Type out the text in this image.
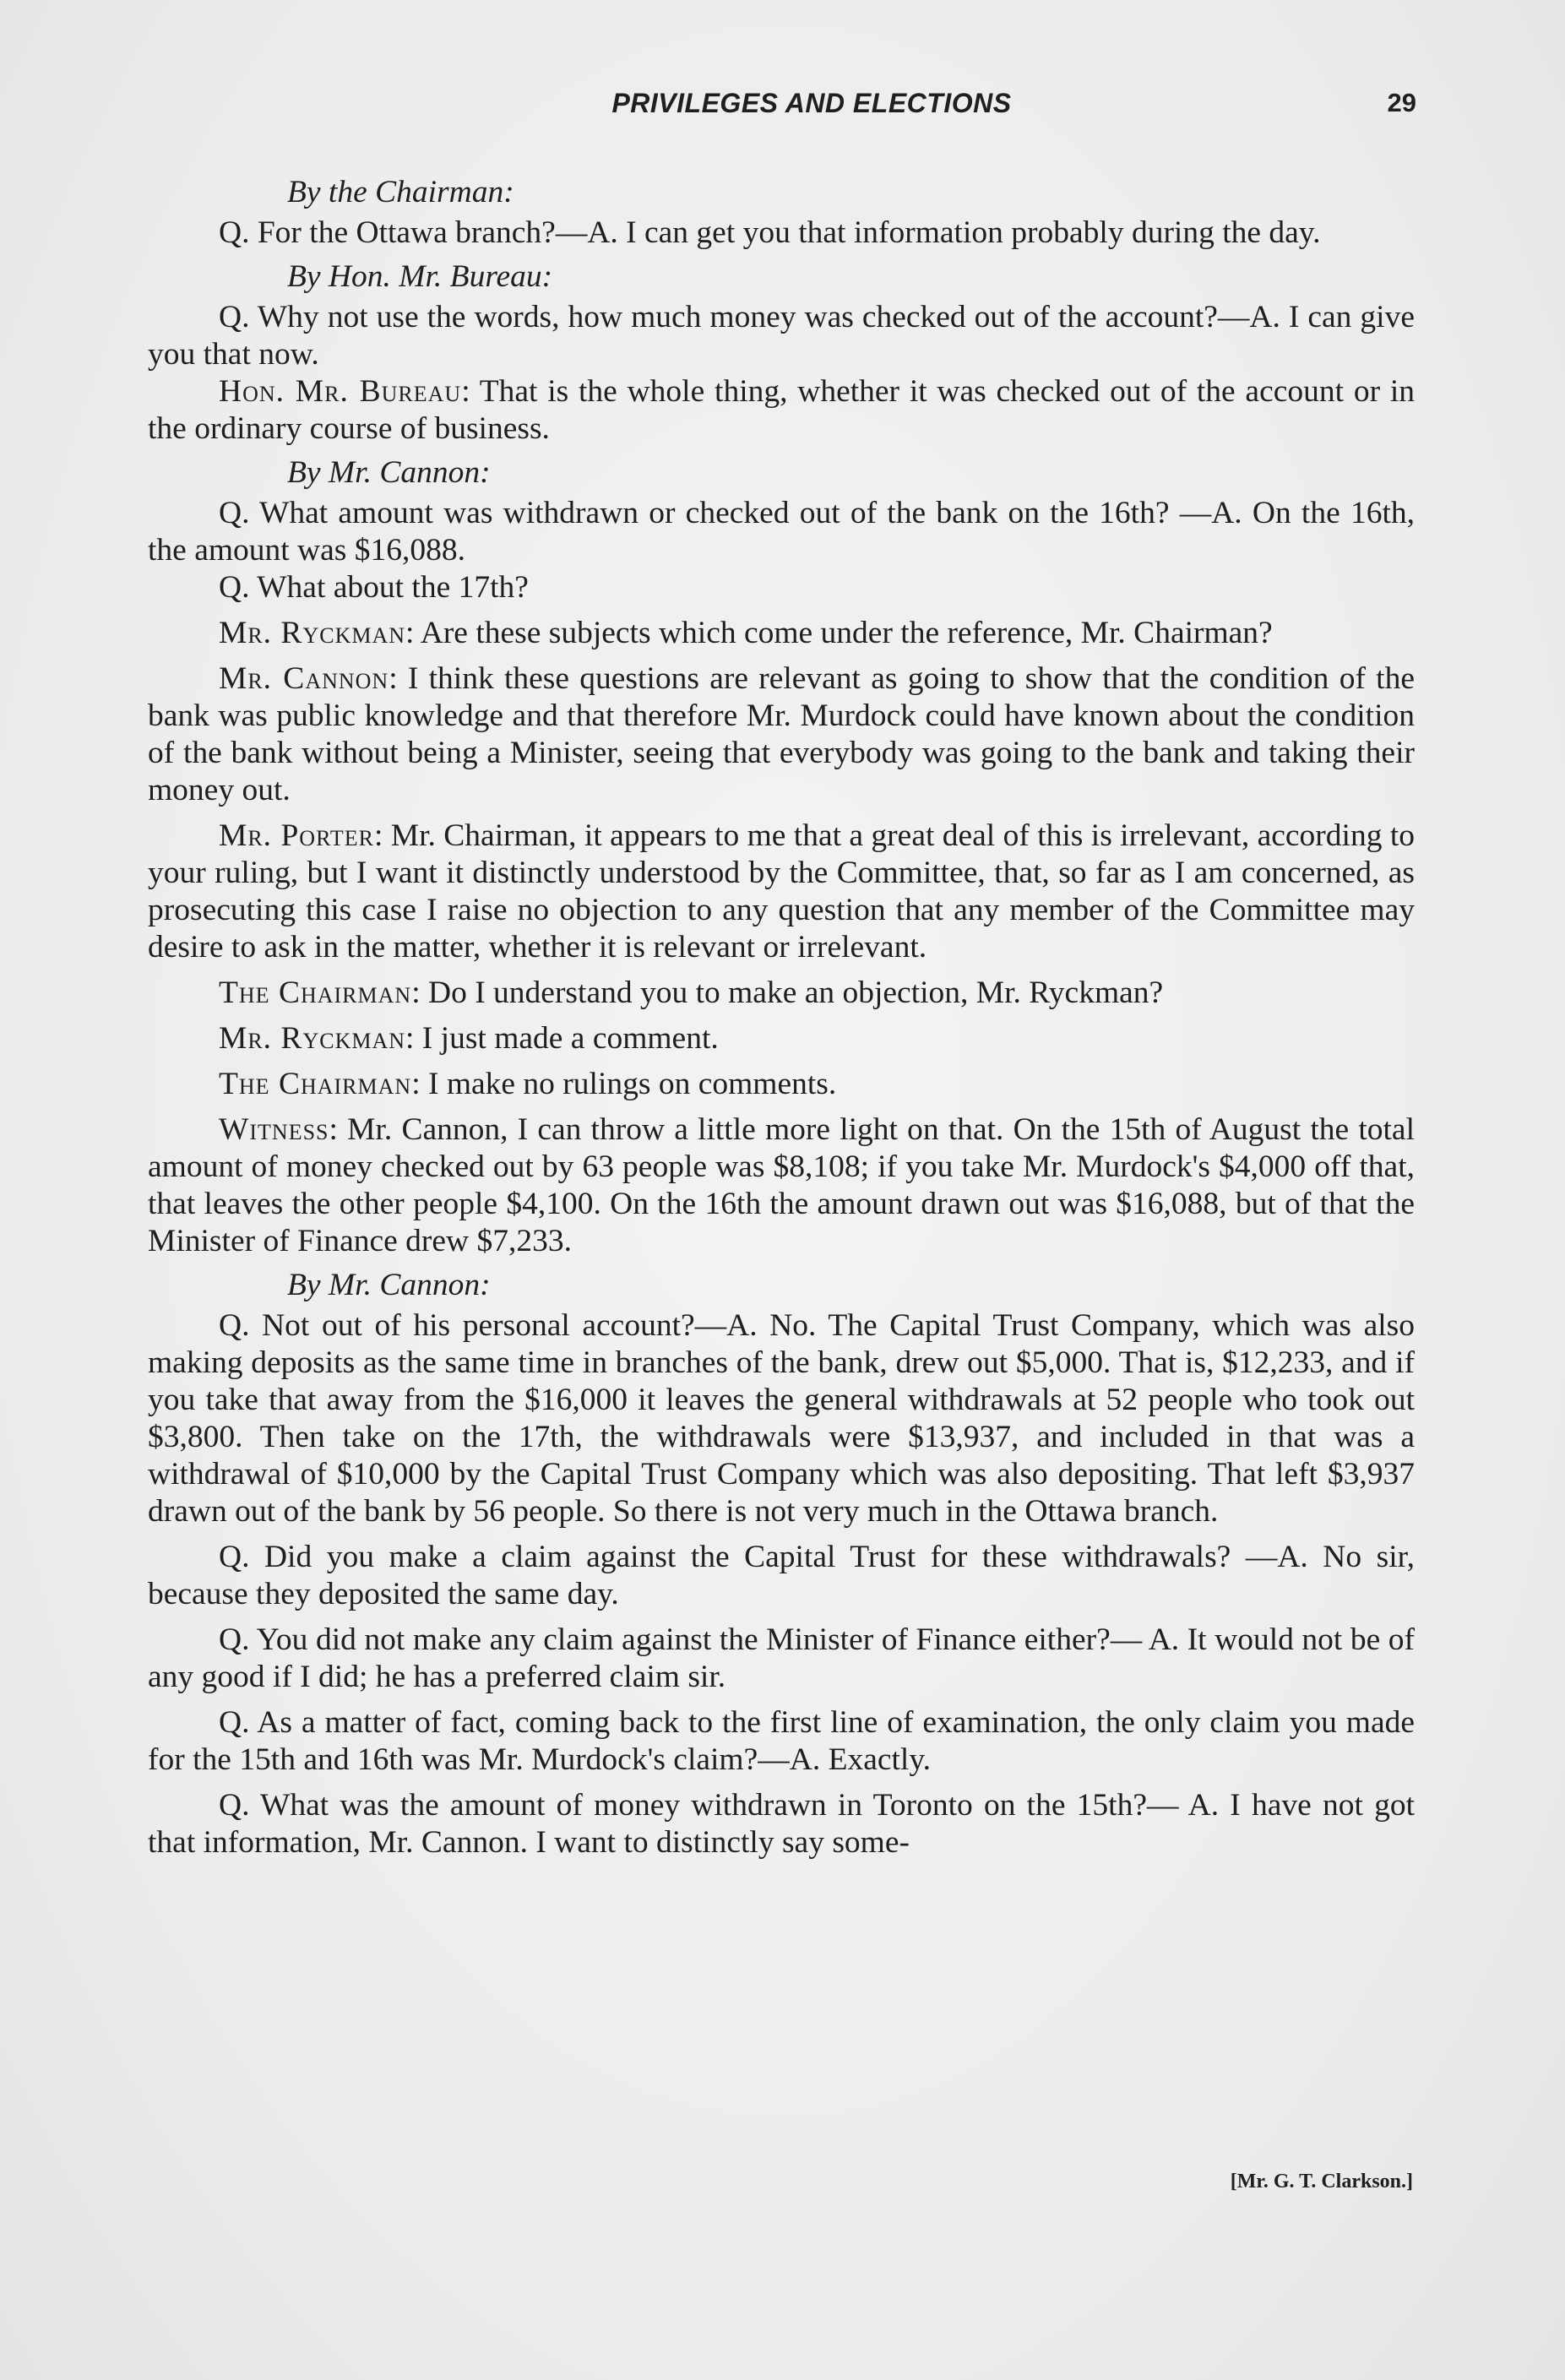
PRIVILEGES AND ELECTIONS	29

By the Chairman:

Q. For the Ottawa branch?—A. I can get you that information probably during the day.

By Hon. Mr. Bureau:

Q. Why not use the words, how much money was checked out of the account?—A. I can give you that now.

Hon. Mr. Bureau: That is the whole thing, whether it was checked out of the account or in the ordinary course of business.

By Mr. Cannon:

Q. What amount was withdrawn or checked out of the bank on the 16th? —A. On the 16th, the amount was $16,088.

Q. What about the 17th?

Mr. Ryckman: Are these subjects which come under the reference, Mr. Chairman?

Mr. Cannon: I think these questions are relevant as going to show that the condition of the bank was public knowledge and that therefore Mr. Murdock could have known about the condition of the bank without being a Minister, seeing that everybody was going to the bank and taking their money out.

Mr. Porter: Mr. Chairman, it appears to me that a great deal of this is irrelevant, according to your ruling, but I want it distinctly understood by the Committee, that, so far as I am concerned, as prosecuting this case I raise no objection to any question that any member of the Committee may desire to ask in the matter, whether it is relevant or irrelevant.

The Chairman: Do I understand you to make an objection, Mr. Ryckman?

Mr. Ryckman: I just made a comment.

The Chairman: I make no rulings on comments.

Witness: Mr. Cannon, I can throw a little more light on that. On the 15th of August the total amount of money checked out by 63 people was $8,108; if you take Mr. Murdock's $4,000 off that, that leaves the other people $4,100. On the 16th the amount drawn out was $16,088, but of that the Minister of Finance drew $7,233.

By Mr. Cannon:

Q. Not out of his personal account?—A. No. The Capital Trust Company, which was also making deposits as the same time in branches of the bank, drew out $5,000. That is, $12,233, and if you take that away from the $16,000 it leaves the general withdrawals at 52 people who took out $3,800. Then take on the 17th, the withdrawals were $13,937, and included in that was a withdrawal of $10,000 by the Capital Trust Company which was also depositing. That left $3,937 drawn out of the bank by 56 people. So there is not very much in the Ottawa branch.

Q. Did you make a claim against the Capital Trust for these withdrawals? —A. No sir, because they deposited the same day.

Q. You did not make any claim against the Minister of Finance either?— A. It would not be of any good if I did; he has a preferred claim sir.

Q. As a matter of fact, coming back to the first line of examination, the only claim you made for the 15th and 16th was Mr. Murdock's claim?—A. Exactly.

Q. What was the amount of money withdrawn in Toronto on the 15th?— A. I have not got that information, Mr. Cannon. I want to distinctly say some-

[Mr. G. T. Clarkson.]
